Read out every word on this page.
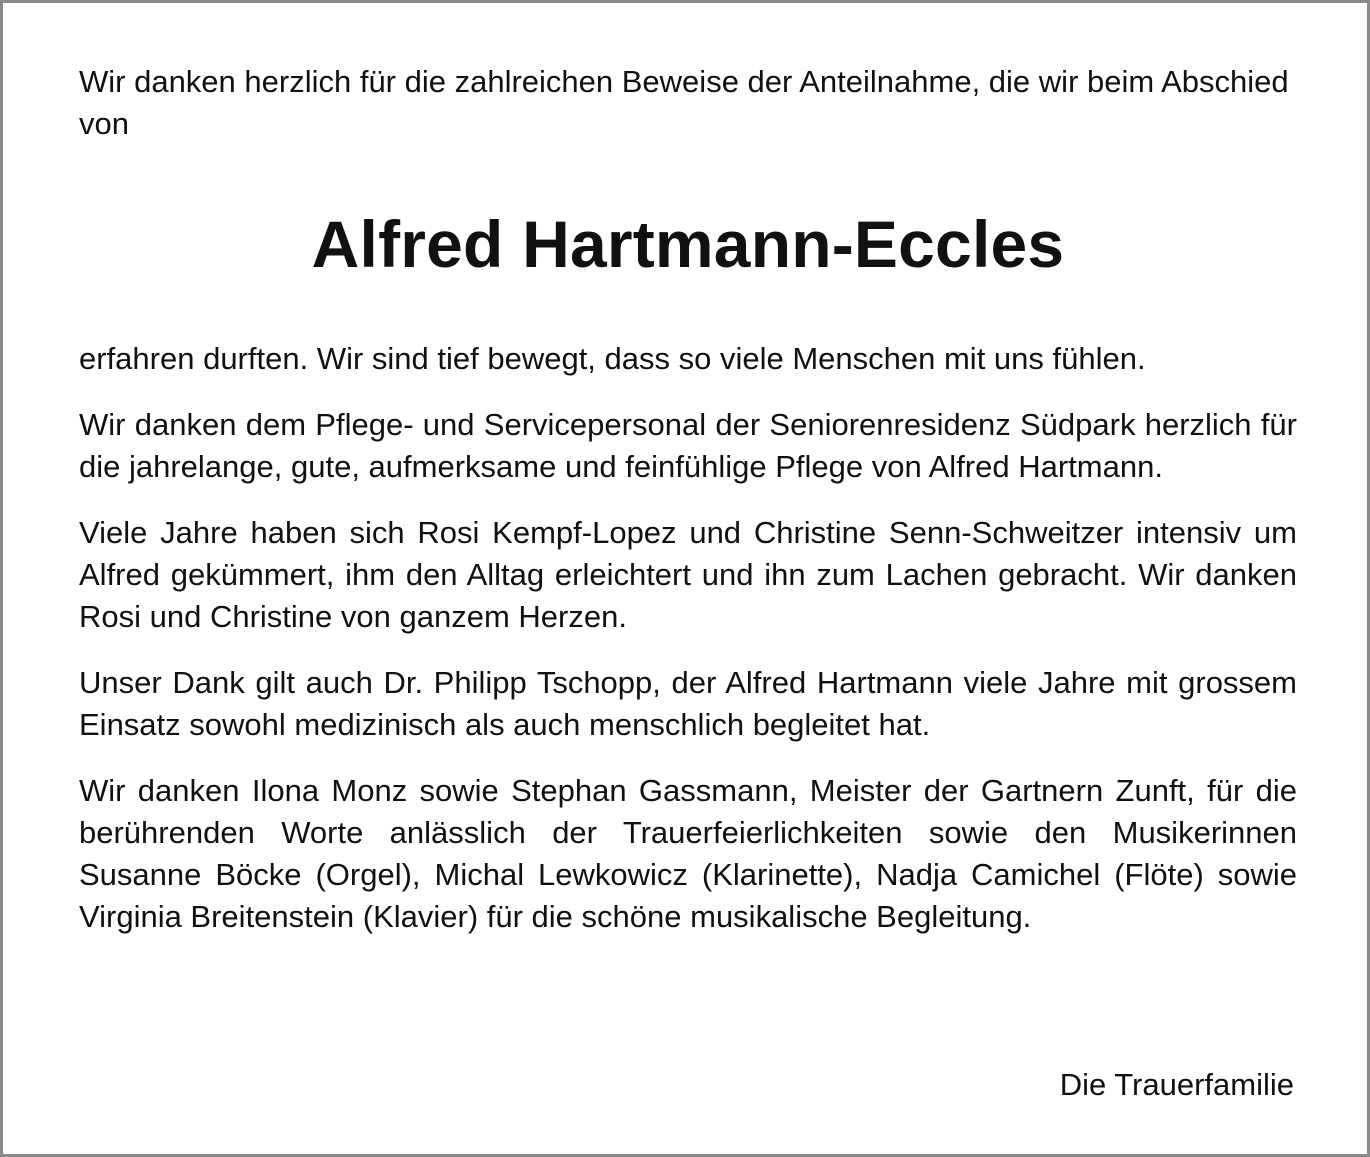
Wir danken herzlich für die zahlreichen Beweise der Anteilnahme, die wir beim Abschied von

Alfred Hartmann-Eccles

erfahren durften. Wir sind tief bewegt, dass so viele Menschen mit uns fühlen.

Wir danken dem Pflege- und Servicepersonal der Seniorenresidenz Südpark herzlich für die jahrelange, gute, aufmerksame und feinfühlige Pflege von Alfred Hartmann.

Viele Jahre haben sich Rosi Kempf-Lopez und Christine Senn-Schweitzer intensiv um Alfred gekümmert, ihm den Alltag erleichtert und ihn zum Lachen gebracht. Wir danken Rosi und Christine von ganzem Herzen.

Unser Dank gilt auch Dr. Philipp Tschopp, der Alfred Hartmann viele Jahre mit grossem Einsatz sowohl medizinisch als auch menschlich begleitet hat.

Wir danken Ilona Monz sowie Stephan Gassmann, Meister der Gartnern Zunft, für die berührenden Worte anlässlich der Trauerfeierlichkeiten sowie den Musikerinnen Susanne Böcke (Orgel), Michal Lewkowicz (Klarinette), Nadja Camichel (Flöte) sowie Virginia Breitenstein (Klavier) für die schöne musikalische Begleitung.

Die Trauerfamilie
